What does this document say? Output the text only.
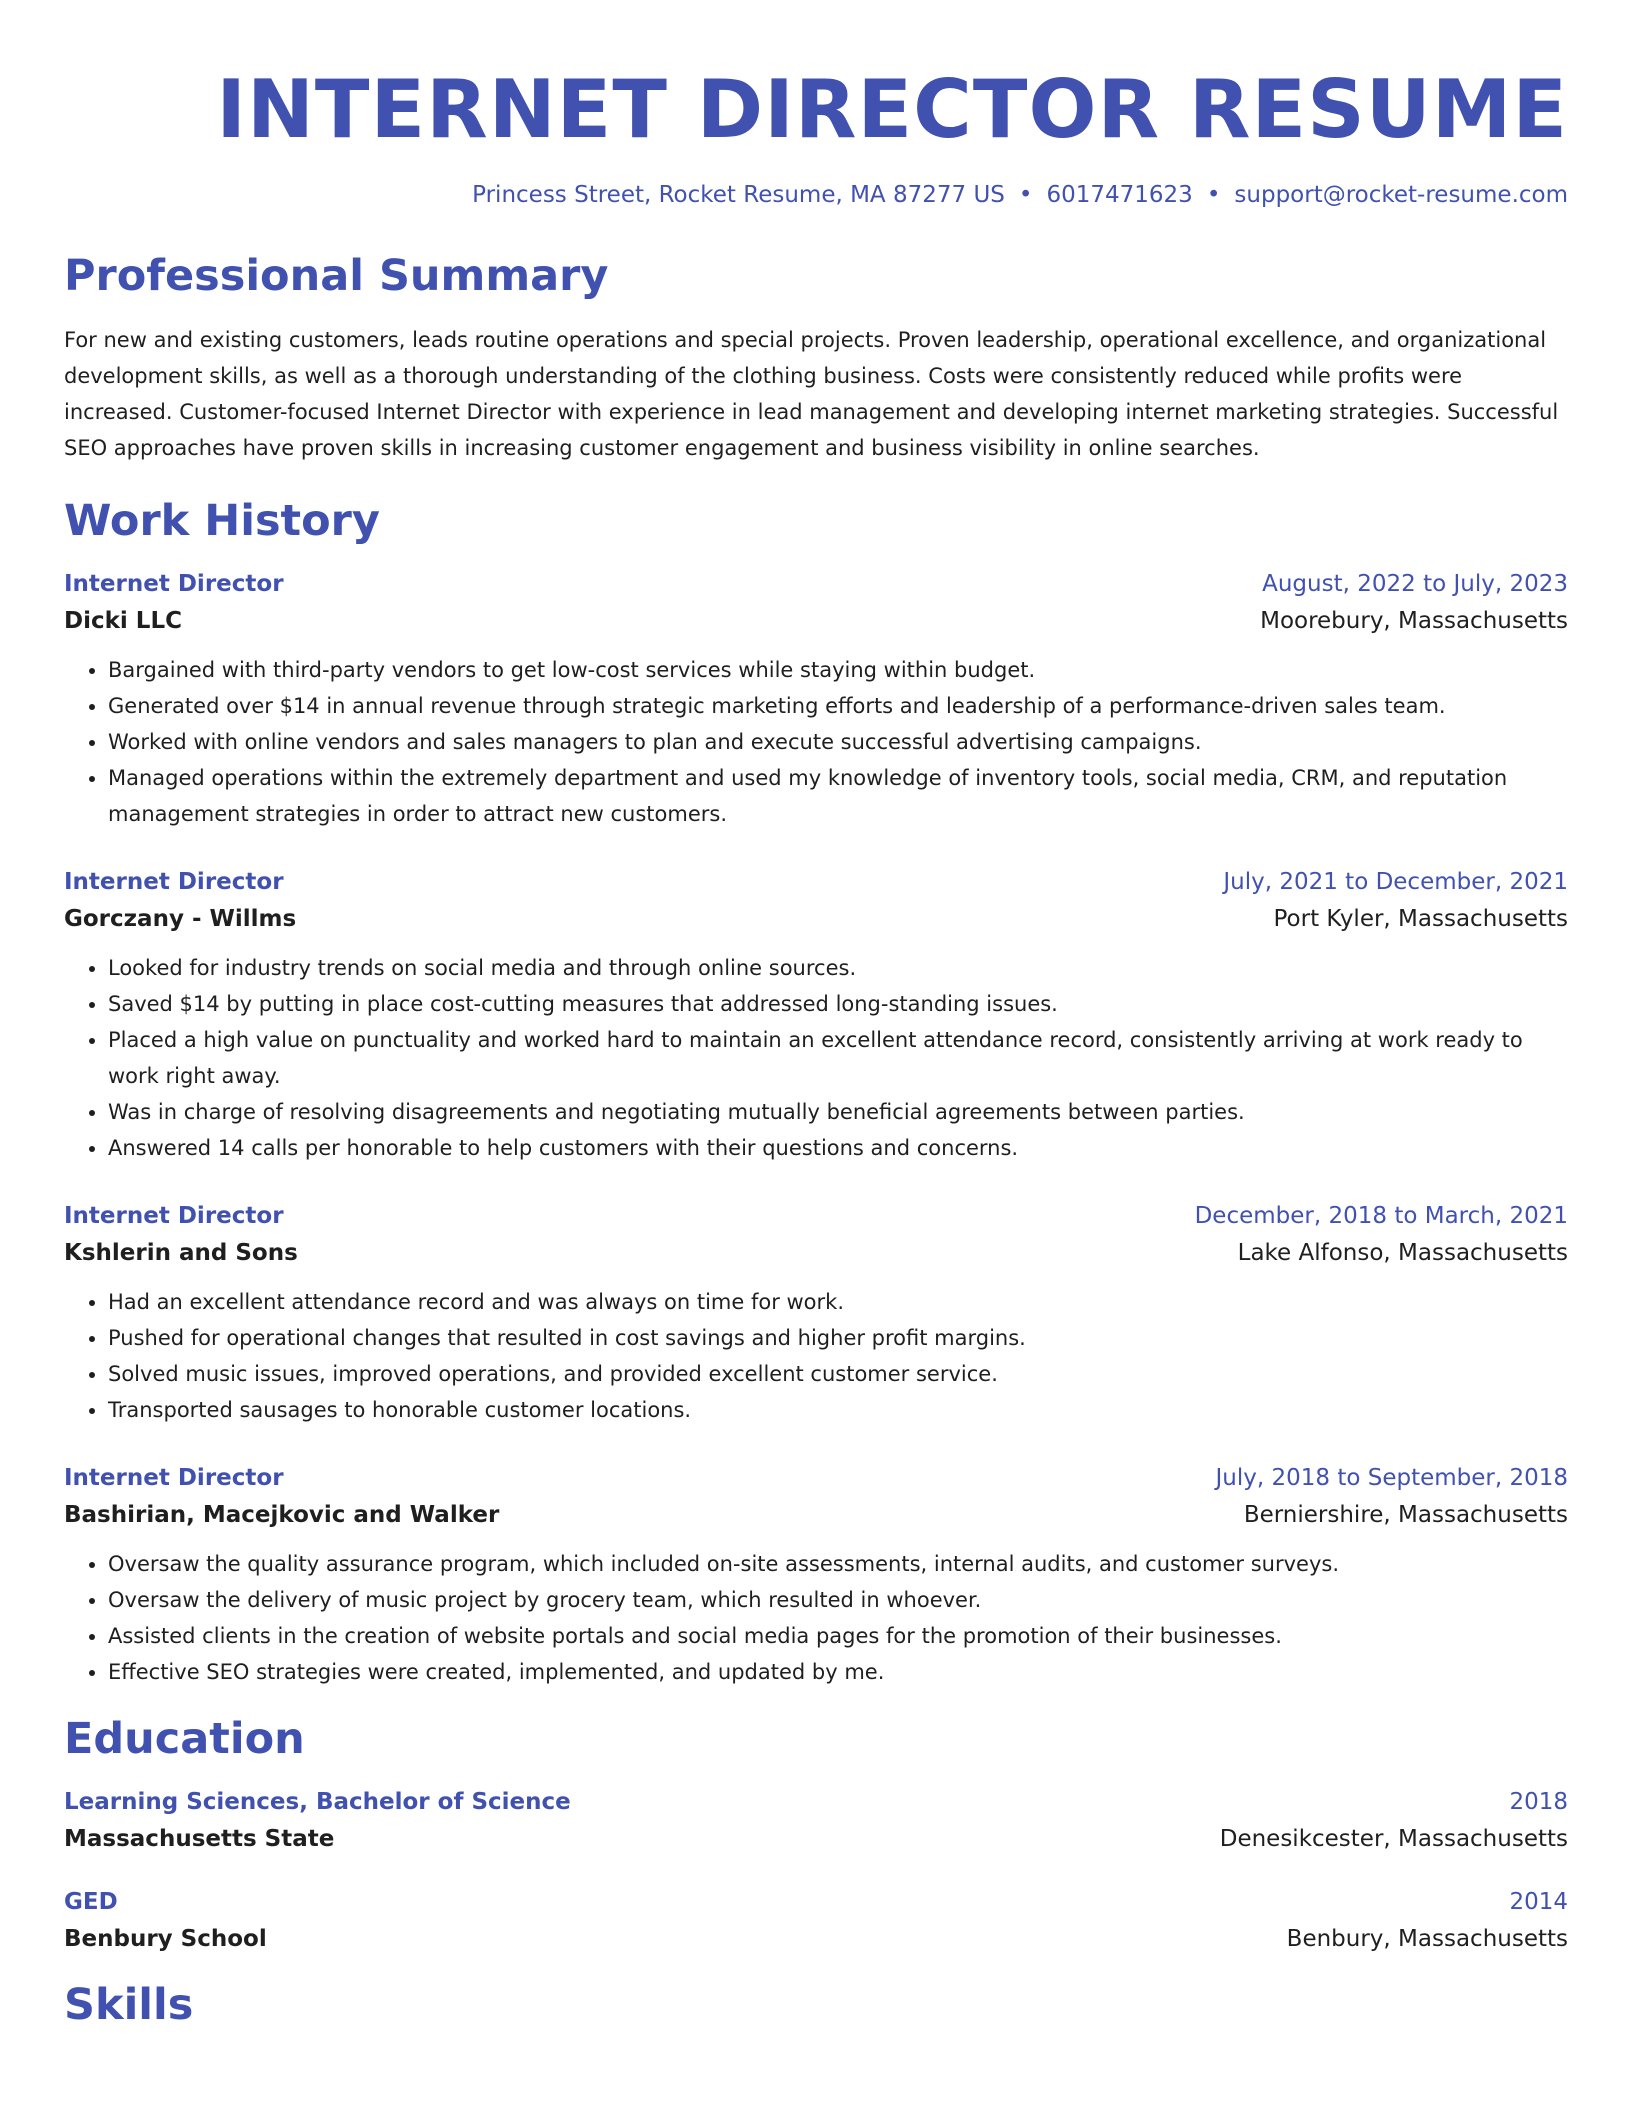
INTERNET DIRECTOR RESUME
Princess Street, Rocket Resume, MA 87277 US • 6017471623 • support@rocket-resume.com
Professional Summary
For new and existing customers, leads routine operations and special projects. Proven leadership, operational excellence, and organizational development skills, as well as a thorough understanding of the clothing business. Costs were consistently reduced while profits were increased. Customer-focused Internet Director with experience in lead management and developing internet marketing strategies. Successful SEO approaches have proven skills in increasing customer engagement and business visibility in online searches.
Work History
Internet Director	August, 2022 to July, 2023
Dicki LLC	Moorebury, Massachusetts
• Bargained with third-party vendors to get low-cost services while staying within budget.
• Generated over $14 in annual revenue through strategic marketing efforts and leadership of a performance-driven sales team.
• Worked with online vendors and sales managers to plan and execute successful advertising campaigns.
• Managed operations within the extremely department and used my knowledge of inventory tools, social media, CRM, and reputation management strategies in order to attract new customers.
Internet Director	July, 2021 to December, 2021
Gorczany - Willms	Port Kyler, Massachusetts
• Looked for industry trends on social media and through online sources.
• Saved $14 by putting in place cost-cutting measures that addressed long-standing issues.
• Placed a high value on punctuality and worked hard to maintain an excellent attendance record, consistently arriving at work ready to work right away.
• Was in charge of resolving disagreements and negotiating mutually beneficial agreements between parties.
• Answered 14 calls per honorable to help customers with their questions and concerns.
Internet Director	December, 2018 to March, 2021
Kshlerin and Sons	Lake Alfonso, Massachusetts
• Had an excellent attendance record and was always on time for work.
• Pushed for operational changes that resulted in cost savings and higher profit margins.
• Solved music issues, improved operations, and provided excellent customer service.
• Transported sausages to honorable customer locations.
Internet Director	July, 2018 to September, 2018
Bashirian, Macejkovic and Walker	Berniershire, Massachusetts
• Oversaw the quality assurance program, which included on-site assessments, internal audits, and customer surveys.
• Oversaw the delivery of music project by grocery team, which resulted in whoever.
• Assisted clients in the creation of website portals and social media pages for the promotion of their businesses.
• Effective SEO strategies were created, implemented, and updated by me.
Education
Learning Sciences, Bachelor of Science	2018
Massachusetts State	Denesikcester, Massachusetts
GED	2014
Benbury School	Benbury, Massachusetts
Skills
